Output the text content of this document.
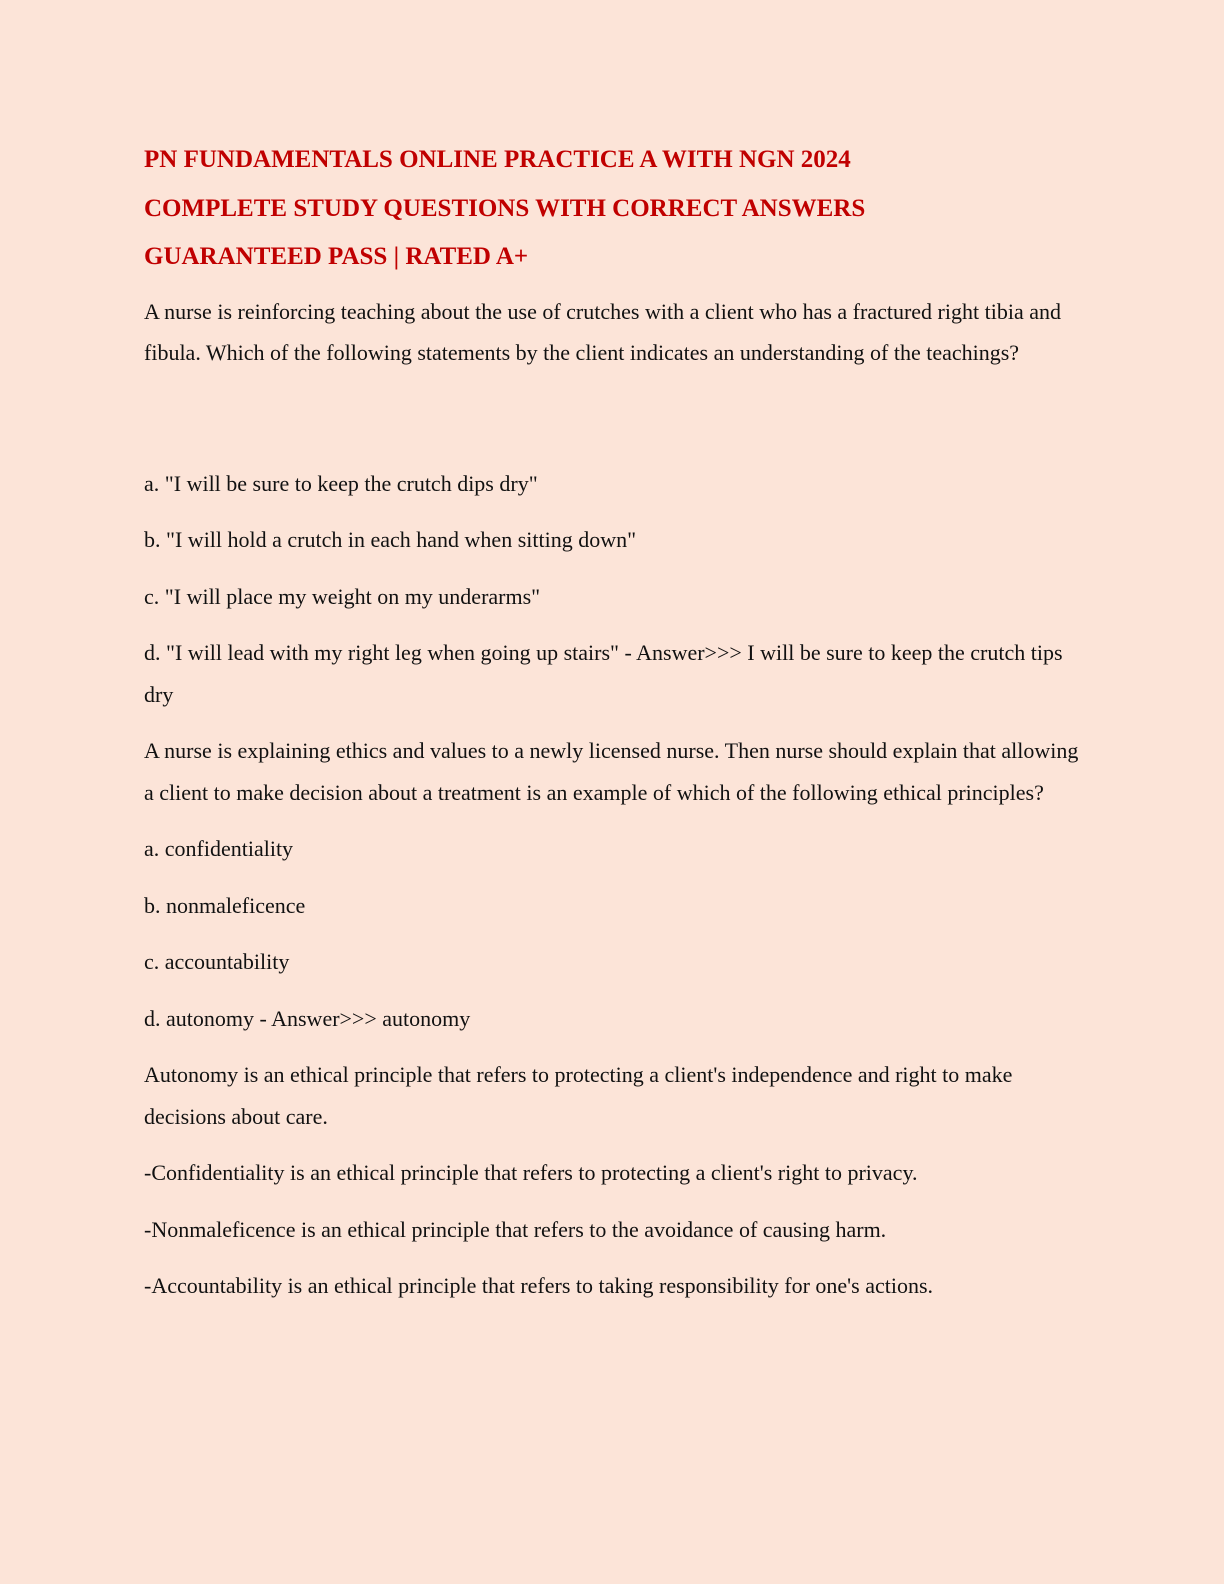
PN FUNDAMENTALS ONLINE PRACTICE A WITH NGN 2024
COMPLETE STUDY QUESTIONS WITH CORRECT ANSWERS
GUARANTEED PASS | RATED A+

A nurse is reinforcing teaching about the use of crutches with a client who has a fractured right tibia and fibula. Which of the following statements by the client indicates an understanding of the teachings?

a. "I will be sure to keep the crutch dips dry"

b. "I will hold a crutch in each hand when sitting down"

c. "I will place my weight on my underarms"

d. "I will lead with my right leg when going up stairs" - Answer>>> I will be sure to keep the crutch tips dry

A nurse is explaining ethics and values to a newly licensed nurse. Then nurse should explain that allowing a client to make decision about a treatment is an example of which of the following ethical principles?

a. confidentiality

b. nonmaleficence

c. accountability

d. autonomy - Answer>>> autonomy

Autonomy is an ethical principle that refers to protecting a client's independence and right to make decisions about care.

-Confidentiality is an ethical principle that refers to protecting a client's right to privacy.

-Nonmaleficence is an ethical principle that refers to the avoidance of causing harm.

-Accountability is an ethical principle that refers to taking responsibility for one's actions.
